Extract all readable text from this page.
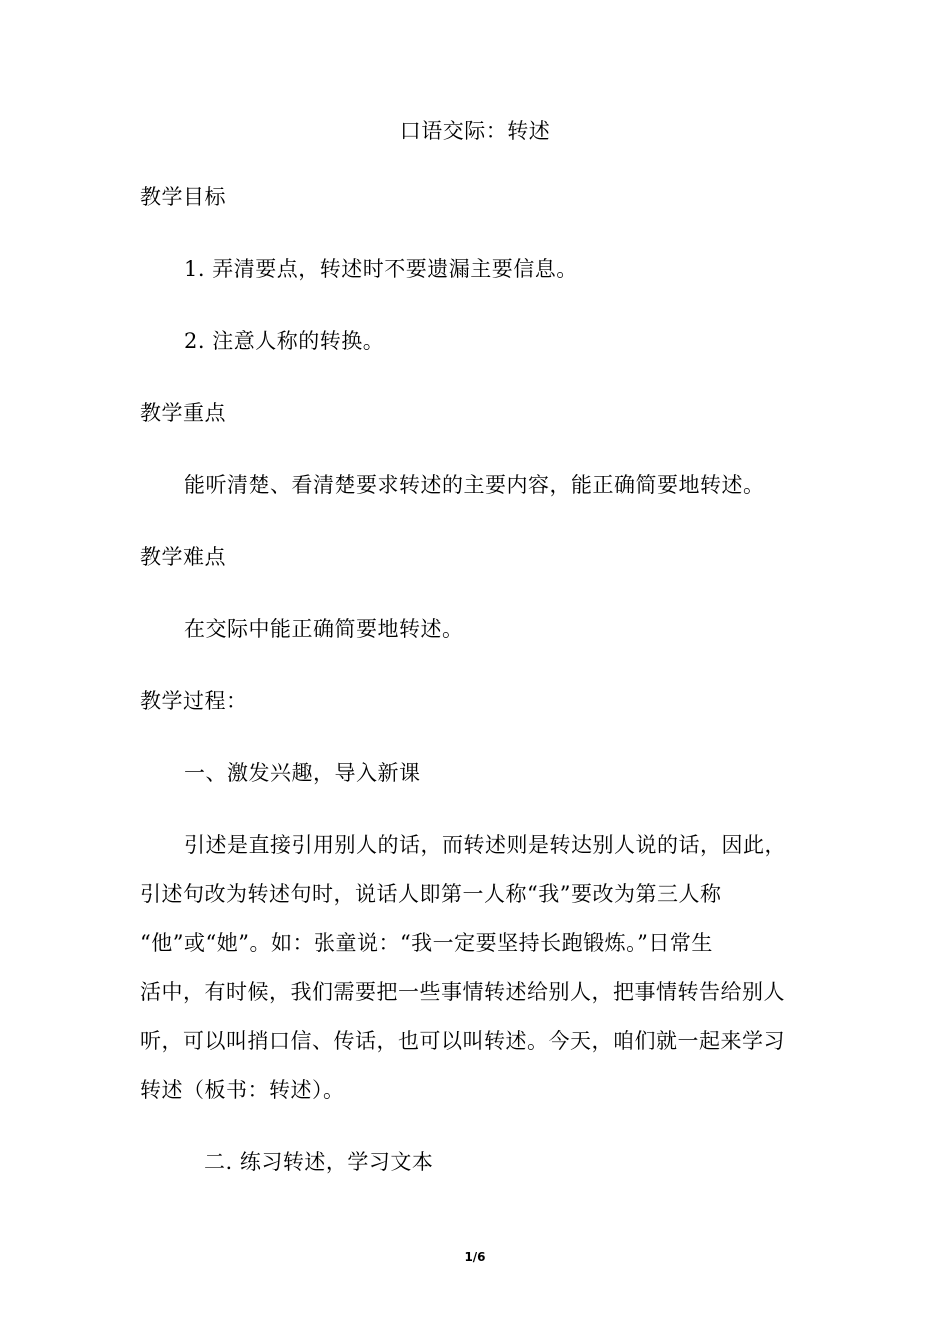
口语交际：转述
教学目标
1. 弄清要点，转述时不要遗漏主要信息。
2. 注意人称的转换。
教学重点
能听清楚、看清楚要求转述的主要内容，能正确简要地转述。
教学难点
在交际中能正确简要地转述。
教学过程：
一、激发兴趣，导入新课
引述是直接引用别人的话，而转述则是转达别人说的话，因此，
引述句改为转述句时，说话人即第一人称“我”要改为第三人称
“他”或“她”。如：张童说：“我一定要坚持长跑锻炼。”日常生
活中，有时候，我们需要把一些事情转述给别人，把事情转告给别人
听，可以叫捎口信、传话，也可以叫转述。今天，咱们就一起来学习
转述（板书：转述）。
二. 练习转述，学习文本
1/6
